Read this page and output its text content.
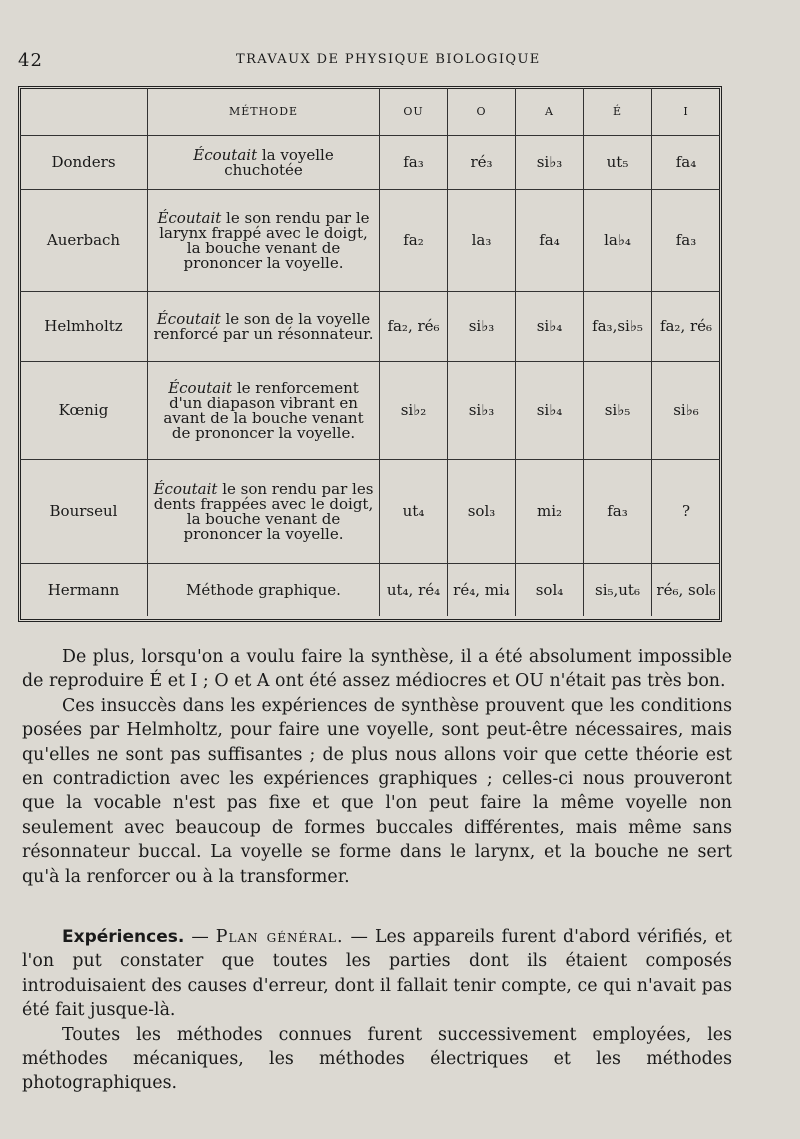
42	TRAVAUX DE PHYSIQUE BIOLOGIQUE
	MÉTHODE	OU	O	A	É	I
Donders	Écoutait la voyelle chuchotée	fa₃	ré₃	si♭₃	ut₅	fa₄
Auerbach	Écoutait le son rendu par le larynx frappé avec le doigt, la bouche venant de prononcer la voyelle.	fa₂	la₃	fa₄	la♭₄	fa₃
Helmholtz	Écoutait le son de la voyelle renforcé par un résonnateur.	fa₂, ré₆	si♭₃	si♭₄	fa₃,si♭₅	fa₂, ré₆
Kœnig	Écoutait le renforcement d'un diapason vibrant en avant de la bouche venant de prononcer la voyelle.	si♭₂	si♭₃	si♭₄	si♭₅	si♭₆
Bourseul	Écoutait le son rendu par les dents frappées avec le doigt, la bouche venant de prononcer la voyelle.	ut₄	sol₃	mi₂	fa₃	?
Hermann	Méthode graphique.	ut₄, ré₄	ré₄, mi₄	sol₄	si₅,ut₆	ré₆, sol₆

De plus, lorsqu'on a voulu faire la synthèse, il a été absolument impossible de reproduire É et I ; O et A ont été assez médiocres et OU n'était pas très bon.

Ces insuccès dans les expériences de synthèse prouvent que les conditions posées par Helmholtz, pour faire une voyelle, sont peut-être nécessaires, mais qu'elles ne sont pas suffisantes ; de plus nous allons voir que cette théorie est en contradiction avec les expériences graphiques ; celles-ci nous prouveront que la vocable n'est pas fixe et que l'on peut faire la même voyelle non seulement avec beaucoup de formes buccales différentes, mais même sans résonnateur buccal. La voyelle se forme dans le larynx, et la bouche ne sert qu'à la renforcer ou à la transformer.

Expériences. — Plan général. — Les appareils furent d'abord vérifiés, et l'on put constater que toutes les parties dont ils étaient composés introduisaient des causes d'erreur, dont il fallait tenir compte, ce qui n'avait pas été fait jusque-là.

Toutes les méthodes connues furent successivement employées, les méthodes mécaniques, les méthodes électriques et les méthodes photographiques.
